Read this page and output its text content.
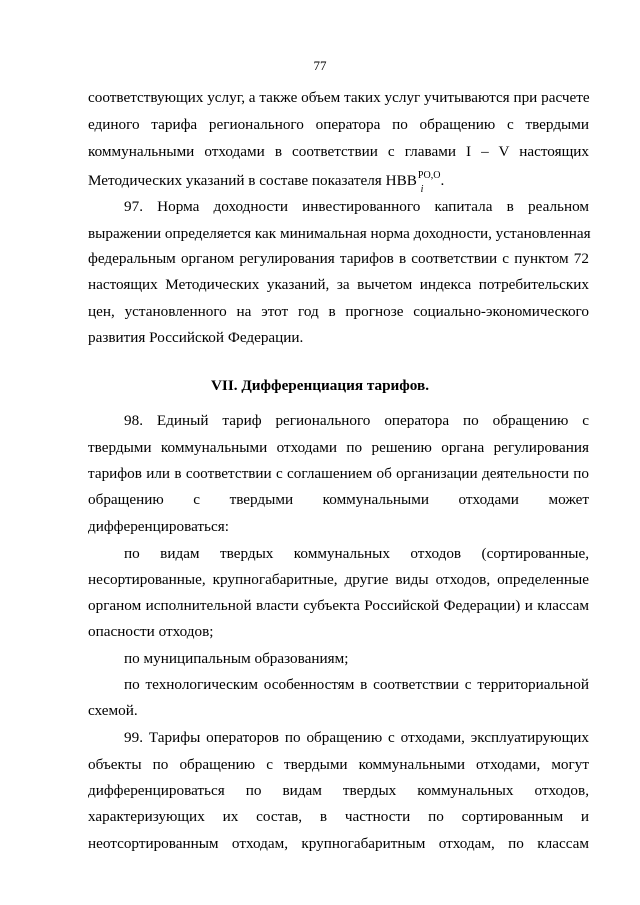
77
соответствующих услуг, а также объем таких услуг учитываются при расчете
единого тарифа регионального оператора по обращению с твердыми
коммунальными отходами в соответствии с главами I – V настоящих
Методических указаний в составе показателя $НВВ^{РО,О}$
i
.
97. Норма доходности инвестированного капитала в реальном
выражении определяется как минимальная норма доходности, установленная
федеральным органом регулирования тарифов в соответствии с пунктом 72
настоящих Методических указаний, за вычетом индекса потребительских
цен, установленного на этот год в прогнозе социально-экономического
развития Российской Федерации.
VII. Дифференциация тарифов.
98. Единый тариф регионального оператора по обращению с
твердыми коммунальными отходами по решению органа регулирования
тарифов или в соответствии с соглашением об организации деятельности по
обращению с твердыми коммунальными отходами может
дифференцироваться:
по видам твердых коммунальных отходов (сортированные,
несортированные, крупногабаритные, другие виды отходов, определенные
органом исполнительной власти субъекта Российской Федерации) и классам
опасности отходов;
по муниципальным образованиям;
по технологическим особенностям в соответствии с территориальной
схемой.
99. Тарифы операторов по обращению с отходами, эксплуатирующих
объекты по обращению с твердыми коммунальными отходами, могут
дифференцироваться по видам твердых коммунальных отходов,
характеризующих их состав, в частности по сортированным и
неотсортированным отходам, крупногабаритным отходам, по классам
